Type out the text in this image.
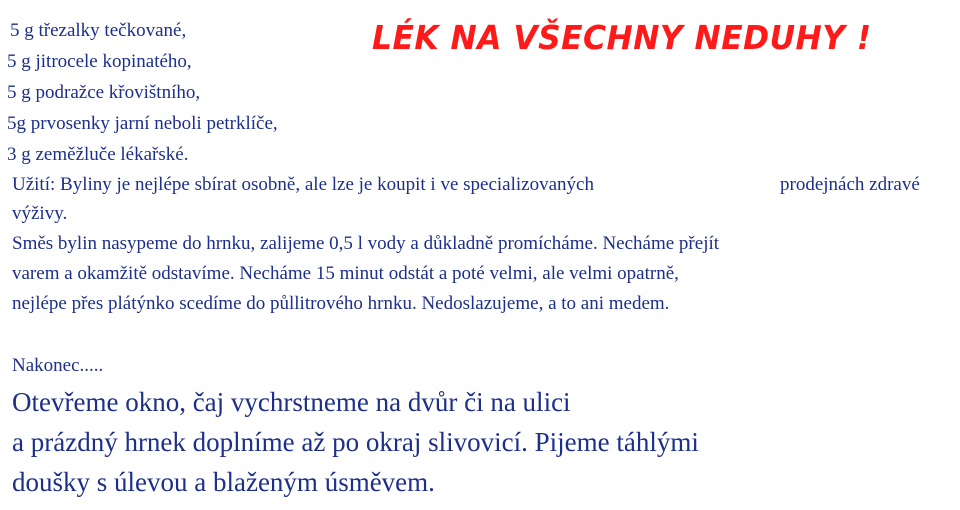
LÉK NA VŠECHNY NEDUHY !
5 g třezalky tečkované,
5 g jitrocele kopinatého,
5 g podražce křovištního,
5g prvosenky jarní neboli petrklíče,
3 g zeměžluče lékařské.
Užití: Byliny je nejlépe sbírat osobně, ale lze je koupit i ve specializovaných	prodejnách zdravé
výživy.
Směs bylin nasypeme do hrnku, zalijeme 0,5 l vody a důkladně promícháme. Necháme přejít
varem a okamžitě odstavíme. Necháme 15 minut odstát a poté velmi, ale velmi opatrně,
nejlépe přes plátýnko scedíme do půllitrového hrnku. Nedoslazujeme, a to ani medem.
Nakonec.....
Otevřeme okno, čaj vychrstneme na dvůr či na ulici
a prázdný hrnek doplníme až po okraj slivovicí. Pijeme táhlými
doušky s úlevou a blaženým úsměvem.
